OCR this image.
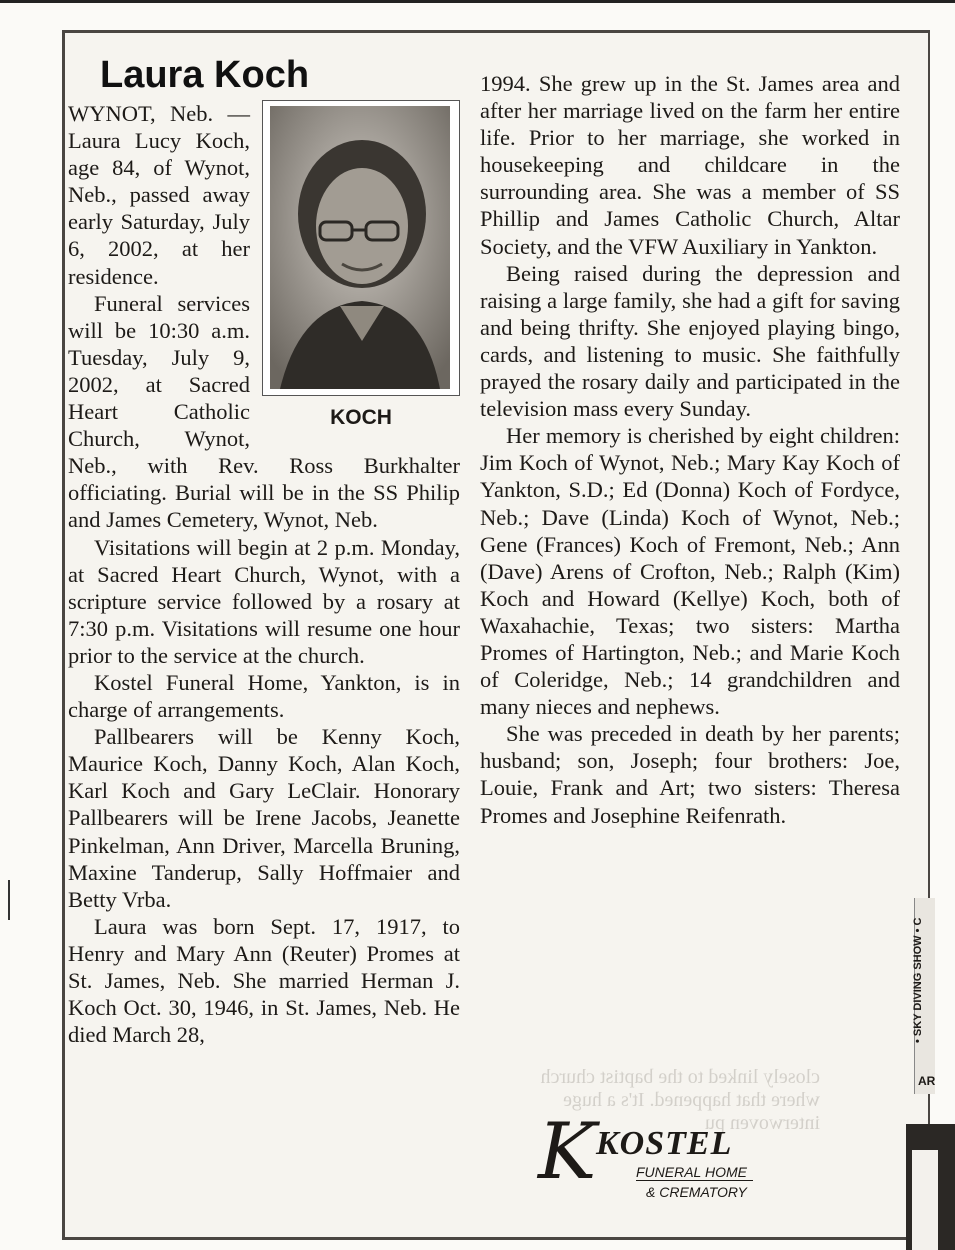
Laura Koch
KOCH

WYNOT, Neb. — Laura Lucy Koch, age 84, of Wynot, Neb., passed away early Saturday, July 6, 2002, at her residence.

Funeral services will be 10:30 a.m. Tuesday, July 9, 2002, at Sacred Heart Catholic Church, Wynot, Neb., with Rev. Ross Burkhalter officiating. Burial will be in the SS Philip and James Cemetery, Wynot, Neb.

Visitations will begin at 2 p.m. Monday, at Sacred Heart Church, Wynot, with a scripture service followed by a rosary at 7:30 p.m. Visitations will resume one hour prior to the service at the church.

Kostel Funeral Home, Yankton, is in charge of arrangements.

Pallbearers will be Kenny Koch, Maurice Koch, Danny Koch, Alan Koch, Karl Koch and Gary LeClair. Honorary Pallbearers will be Irene Jacobs, Jeanette Pinkelman, Ann Driver, Marcella Bruning, Maxine Tanderup, Sally Hoffmaier and Betty Vrba.

Laura was born Sept. 17, 1917, to Henry and Mary Ann (Reuter) Promes at St. James, Neb. She married Herman J. Koch Oct. 30, 1946, in St. James, Neb. He died March 28,

1994. She grew up in the St. James area and after her marriage lived on the farm her entire life. Prior to her marriage, she worked in housekeeping and childcare in the surrounding area. She was a member of SS Phillip and James Catholic Church, Altar Society, and the VFW Auxiliary in Yankton.

Being raised during the depression and raising a large family, she had a gift for saving and being thrifty. She enjoyed playing bingo, cards, and listening to music. She faithfully prayed the rosary daily and participated in the television mass every Sunday.

Her memory is cherished by eight children: Jim Koch of Wynot, Neb.; Mary Kay Koch of Yankton, S.D.; Ed (Donna) Koch of Fordyce, Neb.; Dave (Linda) Koch of Wynot, Neb.; Gene (Frances) Koch of Fremont, Neb.; Ann (Dave) Arens of Crofton, Neb.; Ralph (Kim) Koch and Howard (Kellye) Koch, both of Waxahachie, Texas; two sisters: Martha Promes of Hartington, Neb.; and Marie Koch of Coleridge, Neb.; 14 grandchildren and many nieces and nephews.

She was preceded in death by her parents; husband; son, Joseph; four brothers: Joe, Louie, Frank and Art; two sisters: Theresa Promes and Josephine Reifenrath.

closely linked to the baptist church where that happened. It's a huge interwoven pu
K KOSTEL
FUNERAL HOME
& CREMATORY
• SKY DIVING SHOW • C
AR
